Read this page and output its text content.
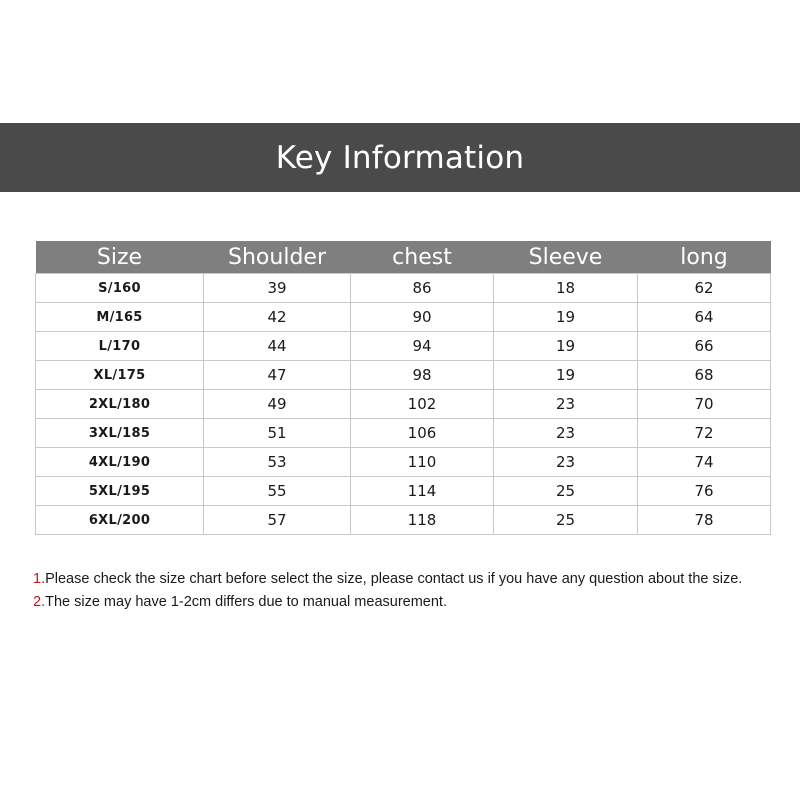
Key Information
Size	Shoulder	chest	Sleeve	long
S/160	39	86	18	62
M/165	42	90	19	64
L/170	44	94	19	66
XL/175	47	98	19	68
2XL/180	49	102	23	70
3XL/185	51	106	23	72
4XL/190	53	110	23	74
5XL/195	55	114	25	76
6XL/200	57	118	25	78
1.Please check the size chart before select the size, please contact us if you have any question about the size.
2.The size may have 1-2cm differs due to manual measurement.
